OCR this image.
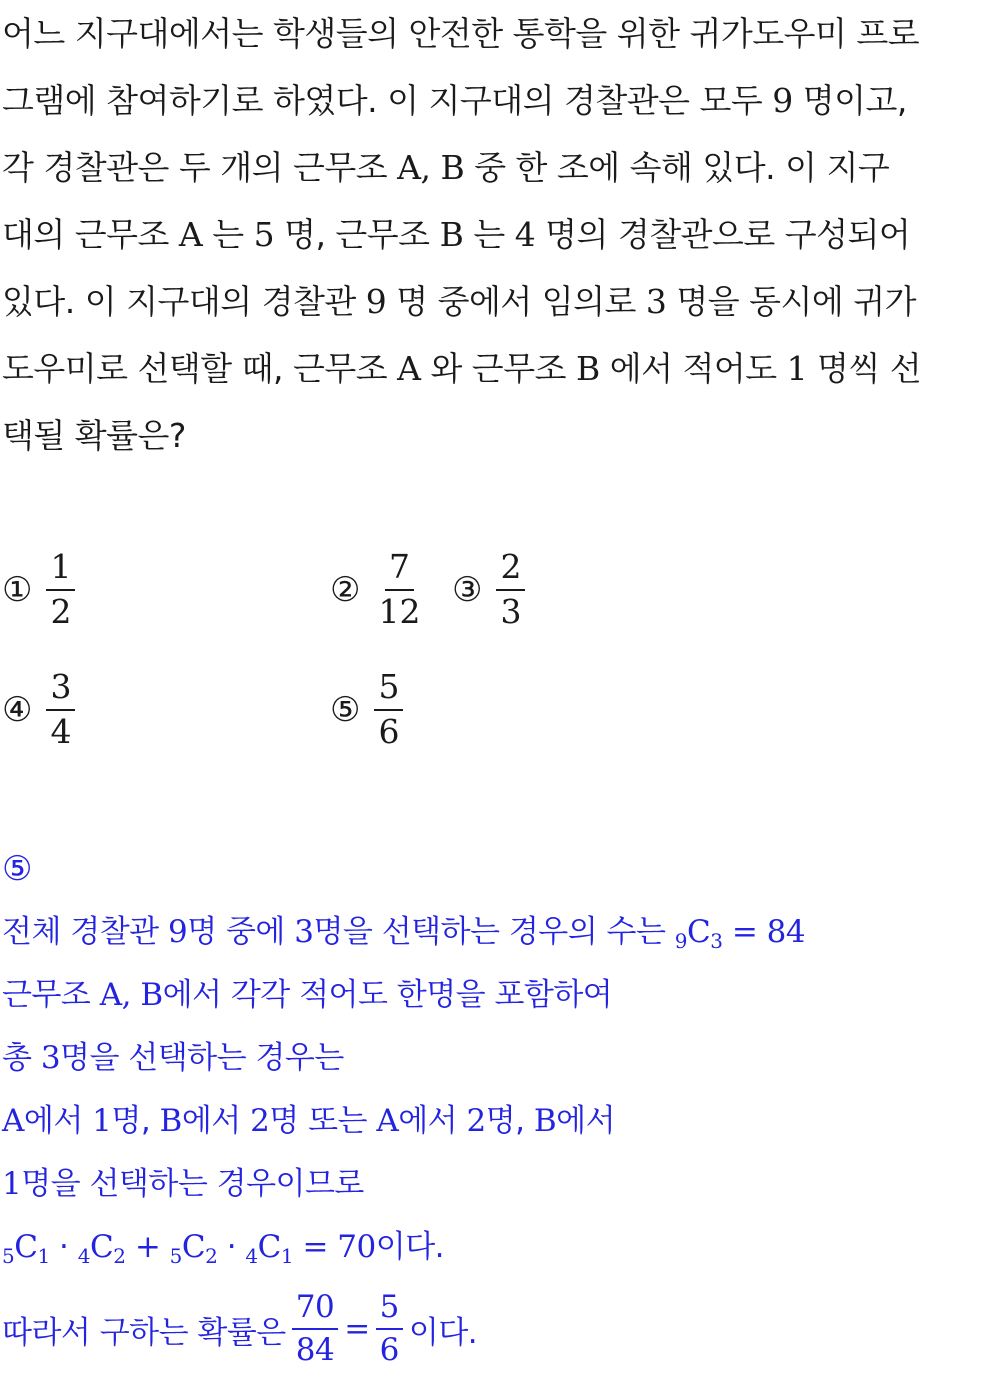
어느 지구대에서는 학생들의 안전한 통학을 위한 귀가도우미 프로
그램에 참여하기로 하였다. 이 지구대의 경찰관은 모두 9 명이고,
각 경찰관은 두 개의 근무조 A, B 중 한 조에 속해 있다. 이 지구
대의 근무조 A 는 5 명, 근무조 B 는 4 명의 경찰관으로 구성되어
있다. 이 지구대의 경찰관 9 명 중에서 임의로 3 명을 동시에 귀가
도우미로 선택할 때, 근무조 A 와 근무조 B 에서 적어도 1 명씩 선
택될 확률은?
① $\frac{1}{2}$	② $\frac{7}{12}$ ③ $\frac{2}{3}$
④ $\frac{3}{4}$	⑤ $\frac{5}{6}$
⑤
전체 경찰관 9명 중에 3명을 선택하는 경우의 수는 $_9C_3 = 84$
근무조 A, B에서 각각 적어도 한명을 포함하여
총 3명을 선택하는 경우는
A에서 1명, B에서 2명 또는 A에서 2명, B에서
1명을 선택하는 경우이므로
$_5C_1 \cdot _4C_2 + _5C_2 \cdot _4C_1 = 70$이다.
따라서 구하는 확률은 $\frac{70}{84} = \frac{5}{6}$ 이다.
